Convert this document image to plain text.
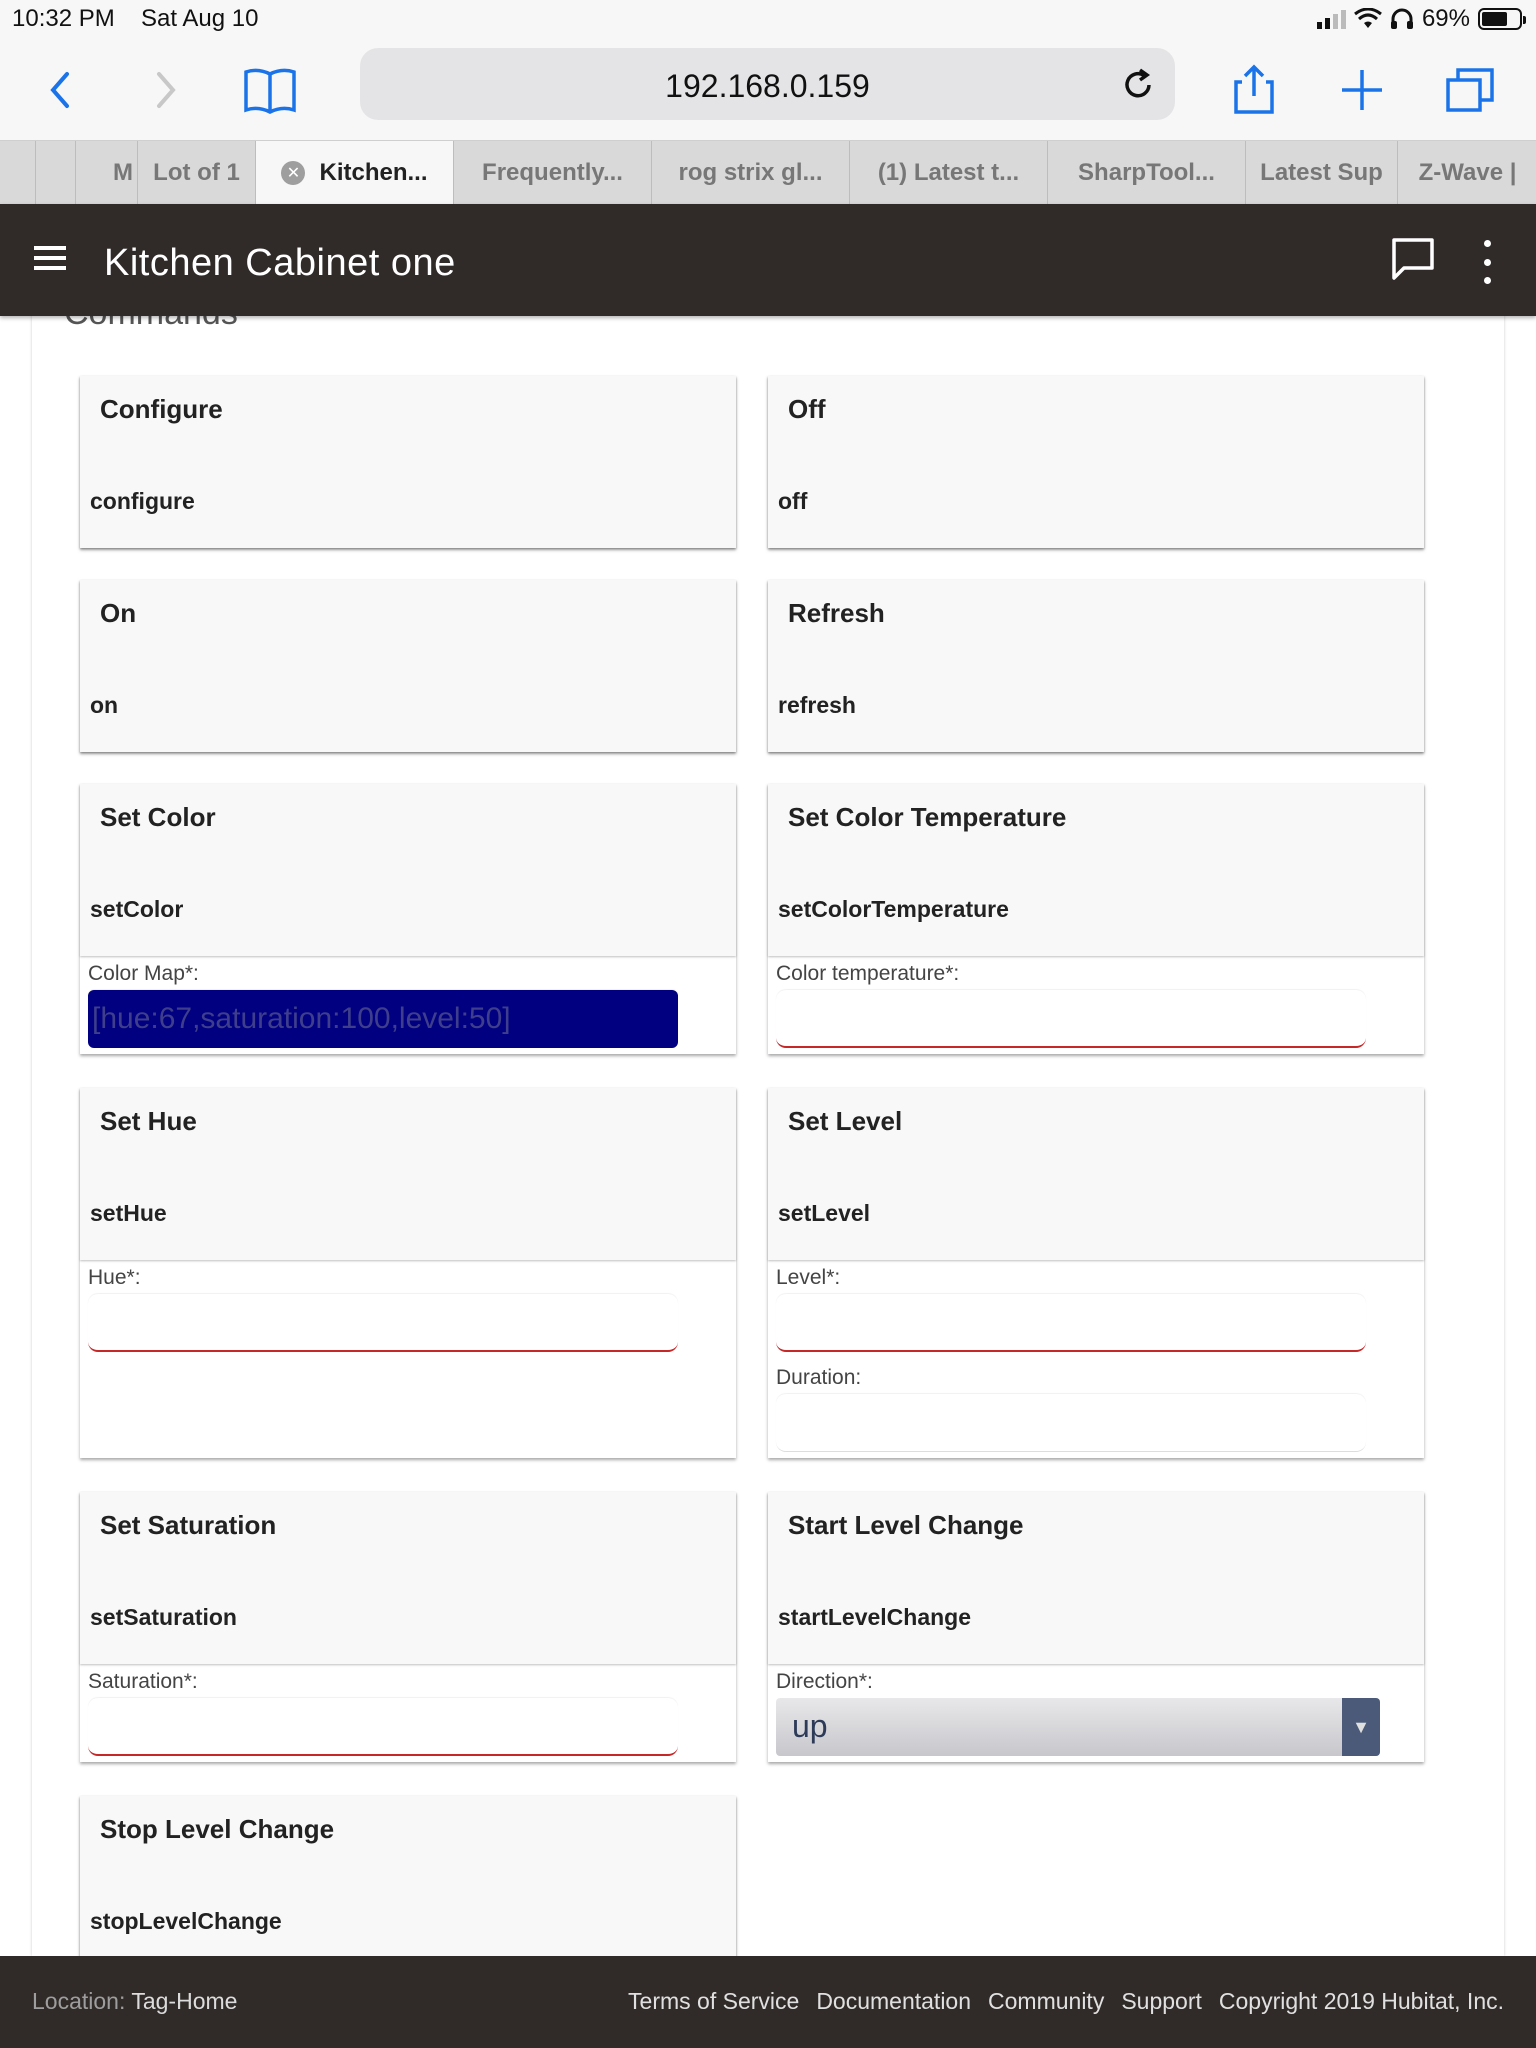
10:32 PM Sat Aug 10	69%
192.168.0.159
M Lot of 1	✕ Kitchen...	Frequently...	rog strix gl...	(1) Latest t...	SharpTool...	Latest Sup	Z-Wave |
Kitchen Cabinet one
Configure
configure
Off
off
On
on
Refresh
refresh
Set Color
setColor
Color Map*:
[hue:67,saturation:100,level:50]
Set Color Temperature
setColorTemperature
Color temperature*:
Set Hue
setHue
Hue*:
Set Level
setLevel
Level*:
Duration:
Set Saturation
setSaturation
Saturation*:
Start Level Change
startLevelChange
Direction*:
up	▼
Stop Level Change
stopLevelChange
Location: Tag-Home	Terms of Service Documentation Community Support Copyright 2019 Hubitat, Inc.
